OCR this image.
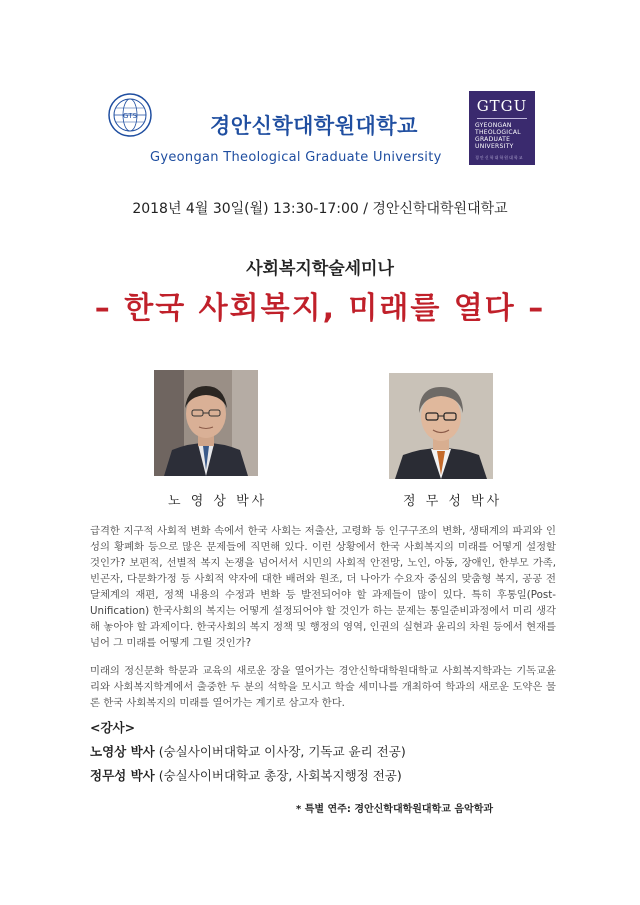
GTS	경안신학대학원대학교
Gyeongan Theological Graduate University
GTGU
GYEONGAN
THEOLOGICAL
GRADUATE
UNIVERSITY
경안신학대학원대학교
2018년 4월 30일(월) 13:30-17:00 / 경안신학대학원대학교
사회복지학술세미나
– 한국 사회복지, 미래를 열다 –
노 영 상 박사	정 무 성 박사

급격한 지구적 사회적 변화 속에서 한국 사회는 저출산, 고령화 등 인구구조의 변화, 생태계의 파괴와 인성의 황폐화 등으로 많은 문제들에 직면해 있다. 이런 상황에서 한국 사회복지의 미래를 어떻게 설정할 것인가? 보편적, 선별적 복지 논쟁을 넘어서서 시민의 사회적 안전망, 노인, 아동, 장애인, 한부모 가족, 빈곤자, 다문화가정 등 사회적 약자에 대한 배려와 원조, 더 나아가 수요자 중심의 맞춤형 복지, 공공 전달체계의 재편, 정책 내용의 수정과 변화 등 발전되어야 할 과제들이 많이 있다. 특히 후통일(Post-Unification) 한국사회의 복지는 어떻게 설정되어야 할 것인가 하는 문제는 통일준비과정에서 미리 생각해 놓아야 할 과제이다. 한국사회의 복지 정책 및 행정의 영역, 인권의 실현과 윤리의 차원 등에서 현재를 넘어 그 미래를 어떻게 그릴 것인가?

미래의 정신문화 학문과 교육의 새로운 장을 열어가는 경안신학대학원대학교 사회복지학과는 기독교윤리와 사회복지학계에서 출중한 두 분의 석학을 모시고 학술 세미나를 개최하여 학과의 새로운 도약은 물론 한국 사회복지의 미래를 열어가는 계기로 삼고자 한다.

<강사>
노영상 박사 (숭실사이버대학교 이사장, 기독교 윤리 전공)
정무성 박사 (숭실사이버대학교 총장, 사회복지행정 전공)
* 특별 연주: 경안신학대학원대학교 음악학과
